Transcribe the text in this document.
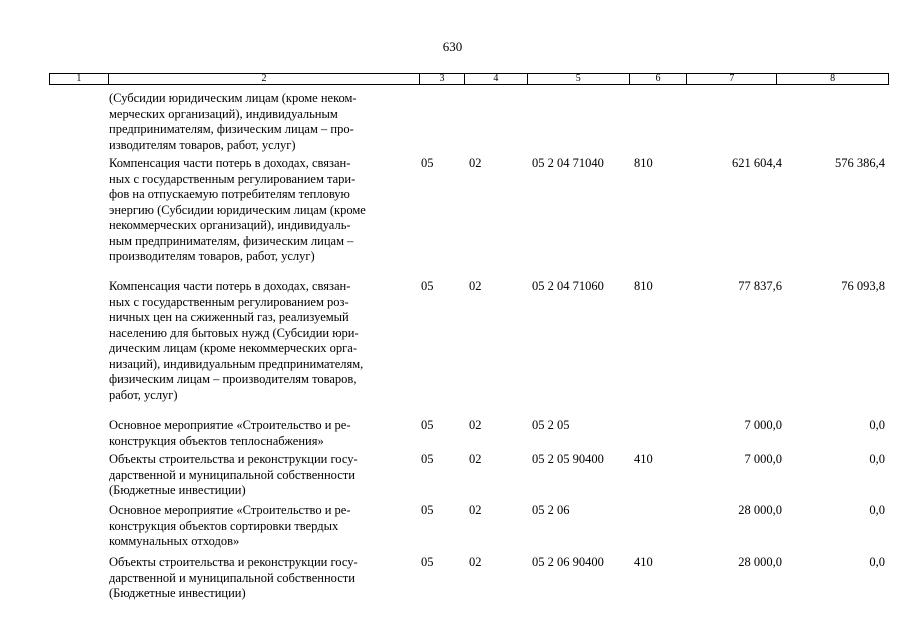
630
1	2	3	4	5	6	7	8
(Субсидии юридическим лицам (кроме неком-
мерческих организаций), индивидуальным
предпринимателям, физическим лицам – про-
изводителям товаров, работ, услуг)
Компенсация части потерь в доходах, связан-
ных с государственным регулированием тари-
фов на отпускаемую потребителям тепловую
энергию (Субсидии юридическим лицам (кроме
некоммерческих организаций), индивидуаль-
ным предпринимателям, физическим лицам –
производителям товаров, работ, услуг)
05	02	05 2 04 71040 810	621 604,4	576 386,4
Компенсация части потерь в доходах, связан-
ных с государственным регулированием роз-
ничных цен на сжиженный газ, реализуемый
населению для бытовых нужд (Субсидии юри-
дическим лицам (кроме некоммерческих орга-
низаций), индивидуальным предпринимателям,
физическим лицам – производителям товаров,
работ, услуг)
05	02	05 2 04 71060 810	77 837,6	76 093,8
Основное мероприятие «Строительство и ре-
конструкция объектов теплоснабжения»
05	02	05 2 05	7 000,0	0,0
Объекты строительства и реконструкции госу-
дарственной и муниципальной собственности
(Бюджетные инвестиции)
05	02	05 2 05 90400 410	7 000,0	0,0
Основное мероприятие «Строительство и ре-
конструкция объектов сортировки твердых
коммунальных отходов»
05	02	05 2 06	28 000,0	0,0
Объекты строительства и реконструкции госу-
дарственной и муниципальной собственности
(Бюджетные инвестиции)
05	02	05 2 06 90400 410	28 000,0	0,0
